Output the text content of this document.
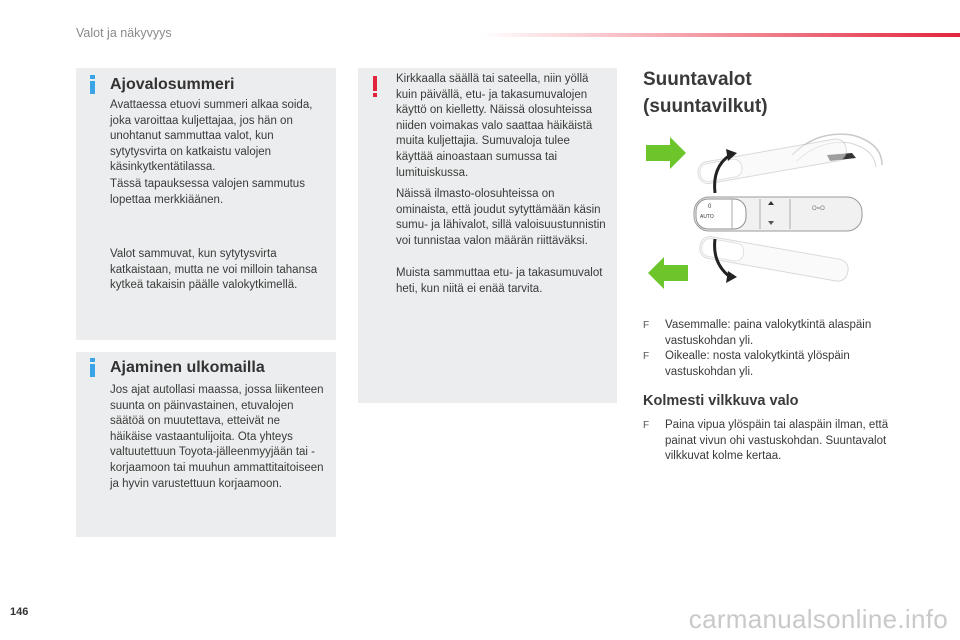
Valot ja näkyvyys
Ajovalosummeri

Avattaessa etuovi summeri alkaa soida, joka varoittaa kuljettajaa, jos hän on unohtanut sammuttaa valot, kun sytytysvirta on katkaistu valojen käsinkytkentätilassa.

Tässä tapauksessa valojen sammutus lopettaa merkkiäänen.

Valot sammuvat, kun sytytysvirta katkaistaan, mutta ne voi milloin tahansa kytkeä takaisin päälle valokytkimellä.

Ajaminen ulkomailla

Jos ajat autollasi maassa, jossa liikenteen suunta on päinvastainen, etuvalojen säätöä on muutettava, etteivät ne häikäise vastaantulijoita. Ota yhteys valtuutettuun Toyota-jälleenmyyjään tai -korjaamoon tai muuhun ammattitaitoiseen ja hyvin varustettuun korjaamoon.

Kirkkaalla säällä tai sateella, niin yöllä kuin päivällä, etu- ja takasumuvalojen käyttö on kielletty. Näissä olosuhteissa niiden voimakas valo saattaa häikäistä muita kuljettajia. Sumuvaloja tulee käyttää ainoastaan sumussa tai lumituiskussa.

Näissä ilmasto-olosuhteissa on ominaista, että joudut sytyttämään käsin sumu- ja lähivalot, sillä valoisuustunnistin voi tunnistaa valon määrän riittäväksi.

Muista sammuttaa etu- ja takasumuvalot heti, kun niitä ei enää tarvita.

Suuntavalot
(suuntavilkut)
0
AUTO
O=O
F Vasemmalle: paina valokytkintä alaspäin vastuskohdan yli.
F Oikealle: nosta valokytkintä ylöspäin vastuskohdan yli.
Kolmesti vilkkuva valo
F Paina vipua ylöspäin tai alaspäin ilman, että painat vivun ohi vastuskohdan. Suuntavalot vilkkuvat kolme kertaa.
146	carmanualsonline.info
